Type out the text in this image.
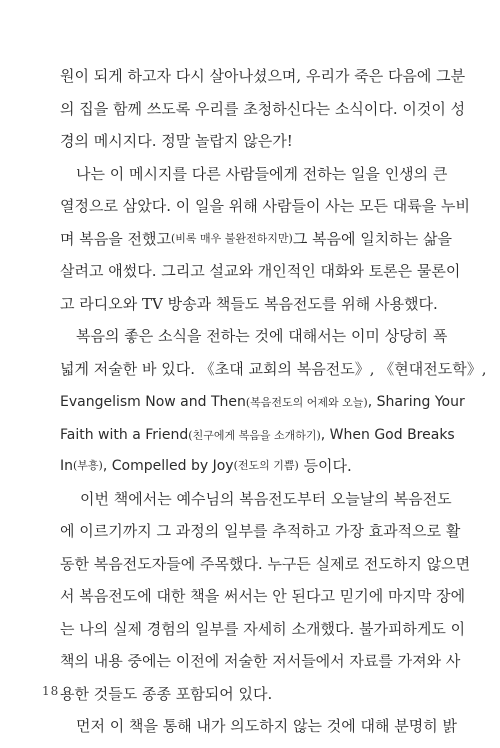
원이 되게 하고자 다시 살아나셨으며, 우리가 죽은 다음에 그분
의 집을 함께 쓰도록 우리를 초청하신다는 소식이다. 이것이 성
경의 메시지다. 정말 놀랍지 않은가!
나는 이 메시지를 다른 사람들에게 전하는 일을 인생의 큰
열정으로 삼았다. 이 일을 위해 사람들이 사는 모든 대륙을 누비
며 복음을 전했고 (비록 매우 불완전하지만) 그 복음에 일치하는 삶을
살려고 애썼다. 그리고 설교와 개인적인 대화와 토론은 물론이
고 라디오와 TV 방송과 책들도 복음전도를 위해 사용했다.
복음의 좋은 소식을 전하는 것에 대해서는 이미 상당히 폭
넓게 저술한 바 있다. 《초대 교회의 복음전도》, 《현대전도학》,
Evangelism Now and Then(복음전도의 어제와 오늘), Sharing Your
Faith with a Friend(친구에게 복음을 소개하기), When God Breaks
In (부흥) , Compelled by Joy (전도의 기쁨) 등이다.
이번 책에서는 예수님의 복음전도부터 오늘날의 복음전도
에 이르기까지 그 과정의 일부를 추적하고 가장 효과적으로 활
동한 복음전도자들에 주목했다. 누구든 실제로 전도하지 않으면
서 복음전도에 대한 책을 써서는 안 된다고 믿기에 마지막 장에
는 나의 실제 경험의 일부를 자세히 소개했다. 불가피하게도 이
책의 내용 중에는 이전에 저술한 저서들에서 자료를 가져와 사
용한 것들도 종종 포함되어 있다.
먼저 이 책을 통해 내가 의도하지 않는 것에 대해 분명히 밝
18
